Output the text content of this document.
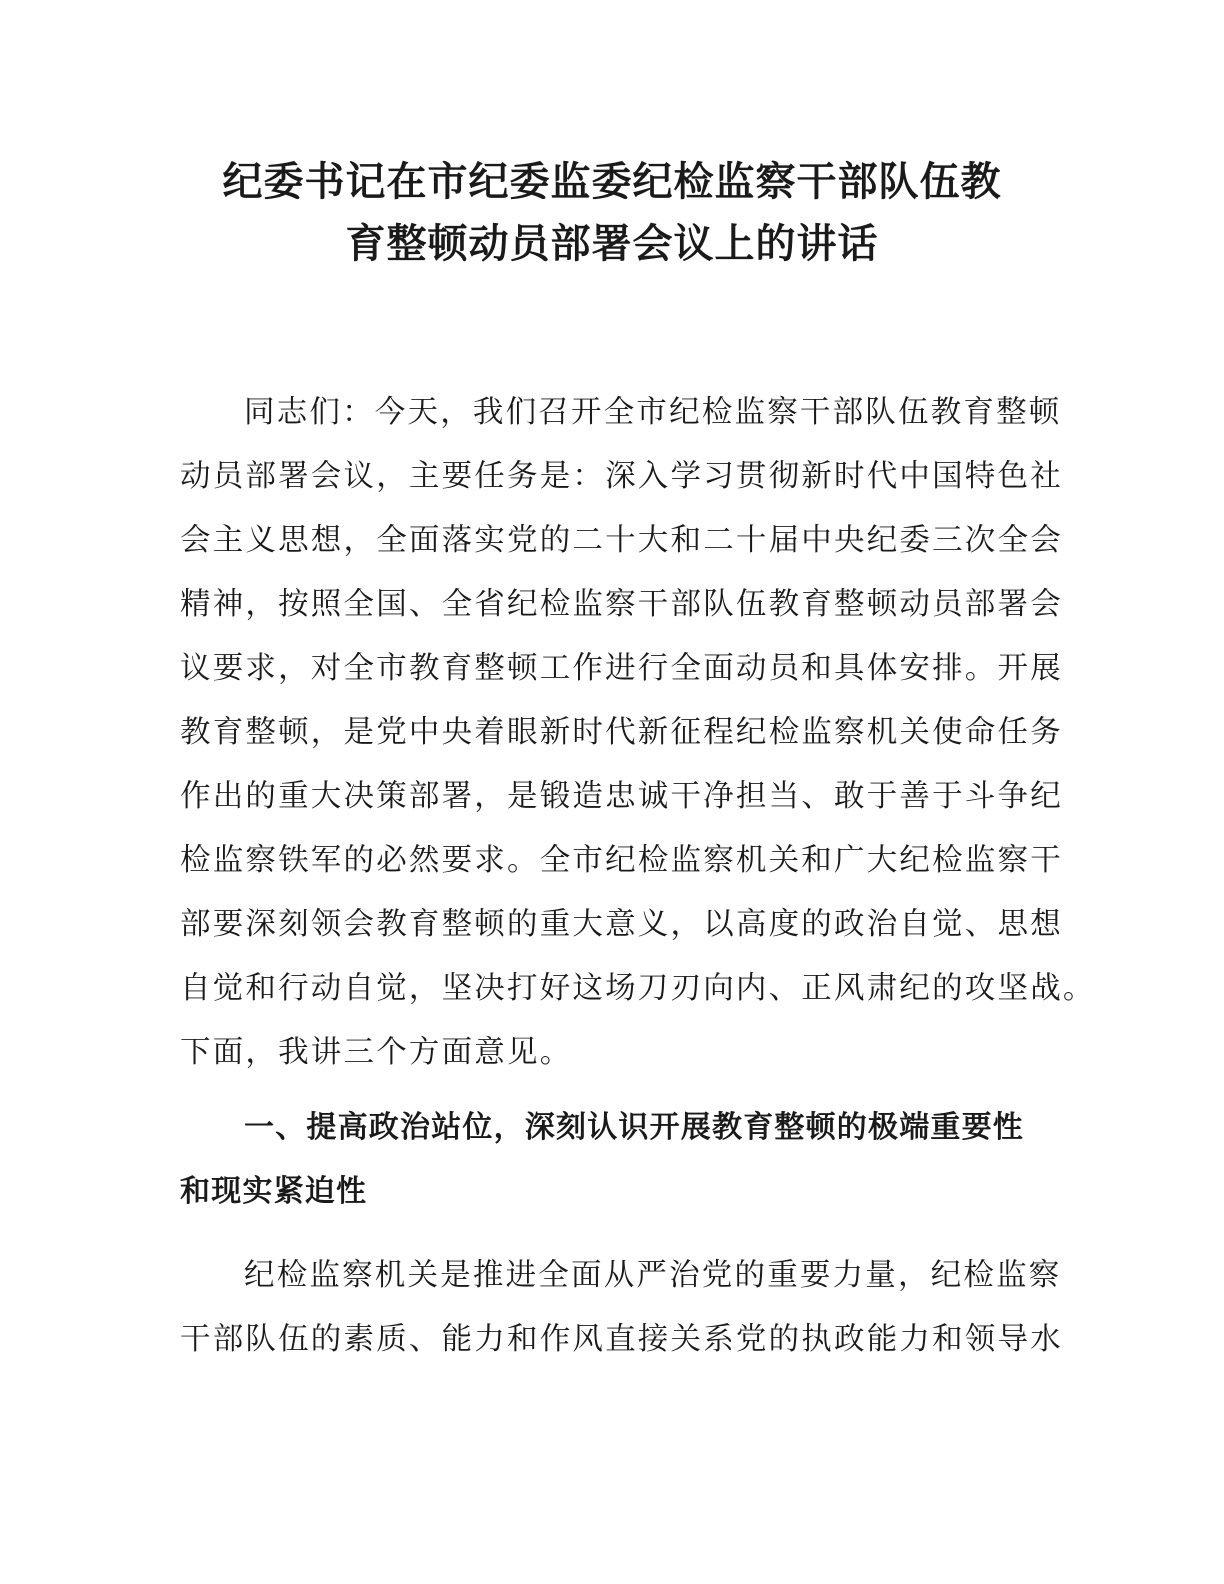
纪委书记在市纪委监委纪检监察干部队伍教
育整顿动员部署会议上的讲话
同志们：今天，我们召开全市纪检监察干部队伍教育整顿
动员部署会议，主要任务是：深入学习贯彻新时代中国特色社
会主义思想，全面落实党的二十大和二十届中央纪委三次全会
精神，按照全国、全省纪检监察干部队伍教育整顿动员部署会
议要求，对全市教育整顿工作进行全面动员和具体安排。开展
教育整顿，是党中央着眼新时代新征程纪检监察机关使命任务
作出的重大决策部署，是锻造忠诚干净担当、敢于善于斗争纪
检监察铁军的必然要求。全市纪检监察机关和广大纪检监察干
部要深刻领会教育整顿的重大意义，以高度的政治自觉、思想
自觉和行动自觉，坚决打好这场刀刃向内、正风肃纪的攻坚战。
下面，我讲三个方面意见。
一、提高政治站位，深刻认识开展教育整顿的极端重要性
和现实紧迫性
纪检监察机关是推进全面从严治党的重要力量，纪检监察
干部队伍的素质、能力和作风直接关系党的执政能力和领导水
